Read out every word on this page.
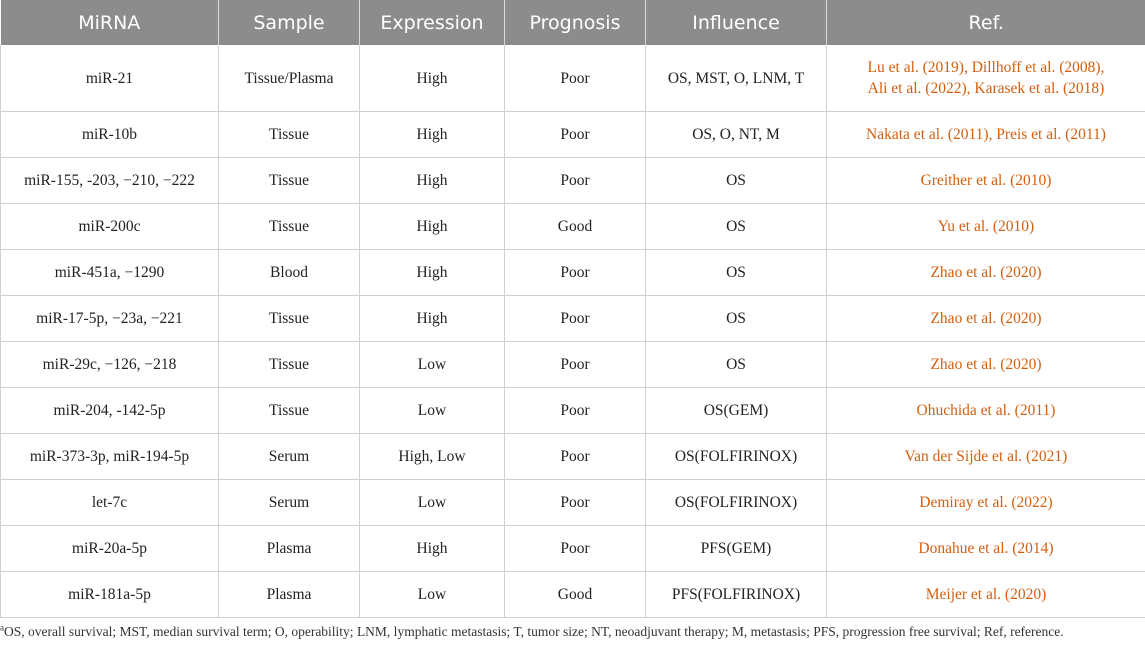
MiRNA	Sample	Expression	Prognosis	Influence	Ref.
miR-21	Tissue/Plasma	High	Poor	OS, MST, O, LNM, T	Lu et al. (2019), Dillhoff et al. (2008),
Ali et al. (2022), Karasek et al. (2018)
miR-10b	Tissue	High	Poor	OS, O, NT, M	Nakata et al. (2011), Preis et al. (2011)
miR-155, -203, −210, −222	Tissue	High	Poor	OS	Greither et al. (2010)
miR-200c	Tissue	High	Good	OS	Yu et al. (2010)
miR-451a, −1290	Blood	High	Poor	OS	Zhao et al. (2020)
miR-17-5p, −23a, −221	Tissue	High	Poor	OS	Zhao et al. (2020)
miR-29c, −126, −218	Tissue	Low	Poor	OS	Zhao et al. (2020)
miR-204, -142-5p	Tissue	Low	Poor	OS(GEM)	Ohuchida et al. (2011)
miR-373-3p, miR-194-5p	Serum	High, Low	Poor	OS(FOLFIRINOX)	Van der Sijde et al. (2021)
let-7c	Serum	Low	Poor	OS(FOLFIRINOX)	Demiray et al. (2022)
miR-20a-5p	Plasma	High	Poor	PFS(GEM)	Donahue et al. (2014)
miR-181a-5p	Plasma	Low	Good	PFS(FOLFIRINOX)	Meijer et al. (2020)
$^a$OS, overall survival; MST, median survival term; O, operability; LNM, lymphatic metastasis; T, tumor size; NT, neoadjuvant therapy; M, metastasis; PFS, progression free survival; Ref, reference.
